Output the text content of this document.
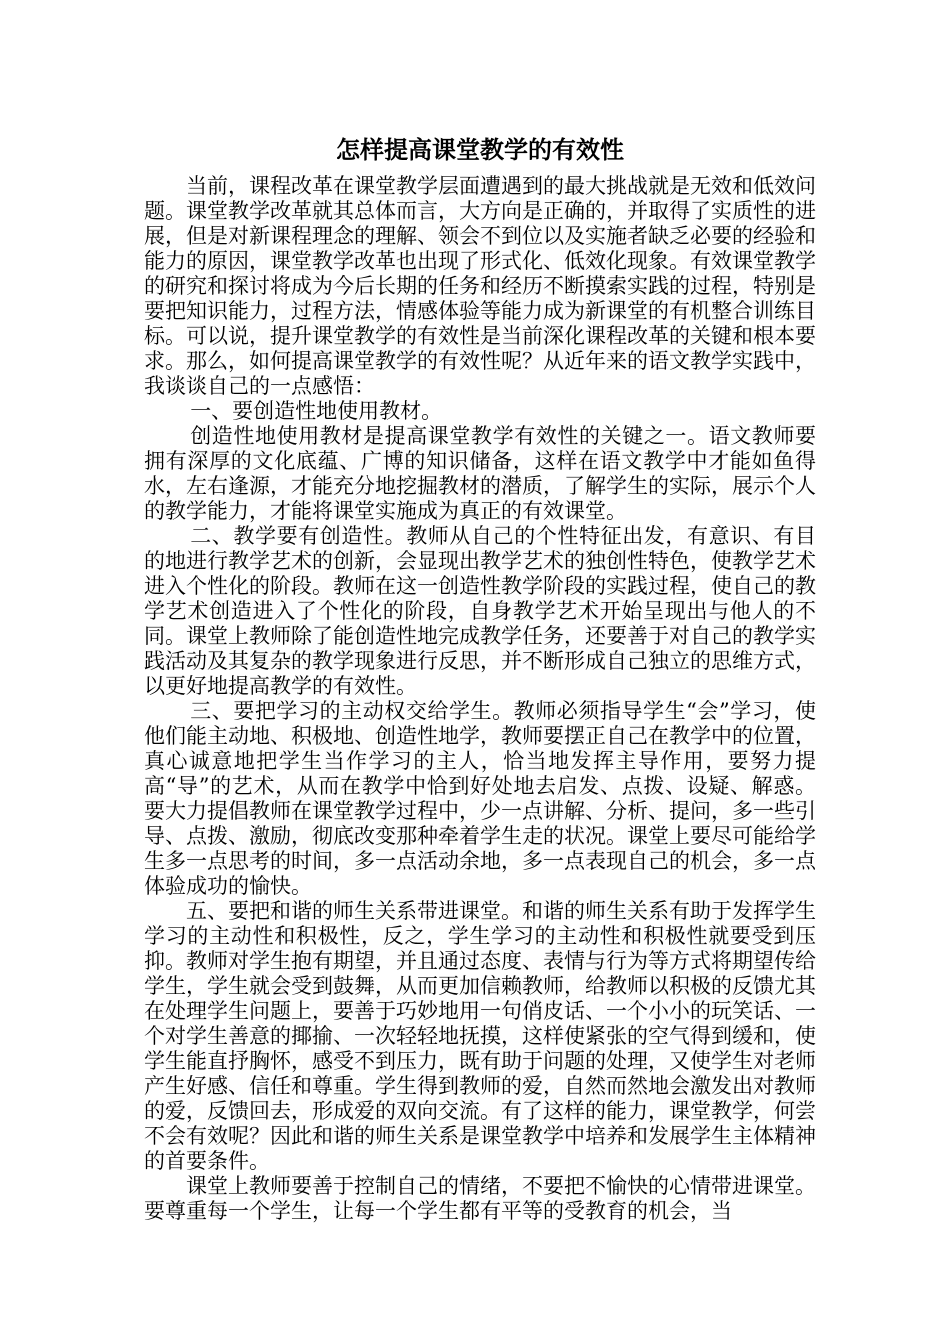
怎样提高课堂教学的有效性

当前，课程改革在课堂教学层面遭遇到的最大挑战就是无效和低效问题。课堂教学改革就其总体而言，大方向是正确的，并取得了实质性的进展，但是对新课程理念的理解、领会不到位以及实施者缺乏必要的经验和能力的原因，课堂教学改革也出现了形式化、低效化现象。有效课堂教学的研究和探讨将成为今后长期的任务和经历不断摸索实践的过程，特别是要把知识能力，过程方法，情感体验等能力成为新课堂的有机整合训练目标。可以说，提升课堂教学的有效性是当前深化课程改革的关键和根本要求。那么，如何提高课堂教学的有效性呢？从近年来的语文教学实践中，我谈谈自己的一点感悟：

一、要创造性地使用教材。

创造性地使用教材是提高课堂教学有效性的关键之一。语文教师要拥有深厚的文化底蕴、广博的知识储备，这样在语文教学中才能如鱼得水，左右逢源，才能充分地挖掘教材的潜质，了解学生的实际，展示个人的教学能力，才能将课堂实施成为真正的有效课堂。

二、教学要有创造性。教师从自己的个性特征出发，有意识、有目的地进行教学艺术的创新，会显现出教学艺术的独创性特色，使教学艺术进入个性化的阶段。教师在这一创造性教学阶段的实践过程，使自己的教学艺术创造进入了个性化的阶段，自身教学艺术开始呈现出与他人的不同。课堂上教师除了能创造性地完成教学任务，还要善于对自己的教学实践活动及其复杂的教学现象进行反思，并不断形成自己独立的思维方式，以更好地提高教学的有效性。

三、要把学习的主动权交给学生。教师必须指导学生“会”学习，使他们能主动地、积极地、创造性地学，教师要摆正自己在教学中的位置，真心诚意地把学生当作学习的主人，恰当地发挥主导作用，要努力提高“导”的艺术，从而在教学中恰到好处地去启发、点拨、设疑、解惑。要大力提倡教师在课堂教学过程中，少一点讲解、分析、提问，多一些引导、点拨、激励，彻底改变那种牵着学生走的状况。课堂上要尽可能给学生多一点思考的时间，多一点活动余地，多一点表现自己的机会，多一点体验成功的愉快。

五、要把和谐的师生关系带进课堂。和谐的师生关系有助于发挥学生学习的主动性和积极性，反之，学生学习的主动性和积极性就要受到压抑。教师对学生抱有期望，并且通过态度、表情与行为等方式将期望传给学生，学生就会受到鼓舞，从而更加信赖教师，给教师以积极的反馈尤其在处理学生问题上，要善于巧妙地用一句俏皮话、一个小小的玩笑话、一个对学生善意的揶揄、一次轻轻地抚摸，这样使紧张的空气得到缓和，使学生能直抒胸怀，感受不到压力，既有助于问题的处理，又使学生对老师产生好感、信任和尊重。学生得到教师的爱，自然而然地会激发出对教师的爱，反馈回去，形成爱的双向交流。有了这样的能力，课堂教学，何尝不会有效呢？因此和谐的师生关系是课堂教学中培养和发展学生主体精神的首要条件。

课堂上教师要善于控制自己的情绪，不要把不愉快的心情带进课堂。要尊重每一个学生，让每一个学生都有平等的受教育的机会，当
